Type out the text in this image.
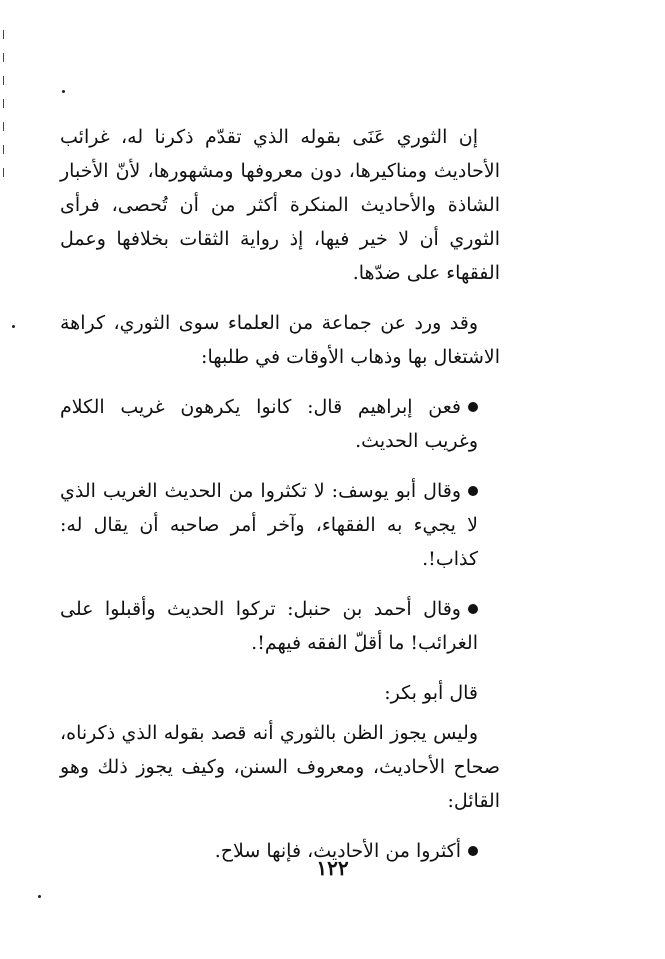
إن الثوري عَنَى بقوله الذي تقدّم ذكرنا له، غرائب الأحاديث ومناكيرها، دون معروفها ومشهورها، لأنّ الأخبار الشاذة والأحاديث المنكرة أكثر من أن تُحصى، فرأى الثوري أن لا خير فيها، إذ رواية الثقات بخلافها وعمل الفقهاء على ضدّها.

وقد ورد عن جماعة من العلماء سوى الثوري، كراهة الاشتغال بها وذهاب الأوقات في طلبها:

فعن إبراهيم قال: كانوا يكرهون غريب الكلام وغريب الحديث.

وقال أبو يوسف: لا تكثروا من الحديث الغريب الذي لا يجيء به الفقهاء، وآخر أمر صاحبه أن يقال له: كذاب!.

وقال أحمد بن حنبل: تركوا الحديث وأقبلوا على الغرائب! ما أقلّ الفقه فيهم!.

قال أبو بكر:

وليس يجوز الظن بالثوري أنه قصد بقوله الذي ذكرناه، صحاح الأحاديث، ومعروف السنن، وكيف يجوز ذلك وهو القائل:

أكثروا من الأحاديث، فإنها سلاح.

١٢٢
